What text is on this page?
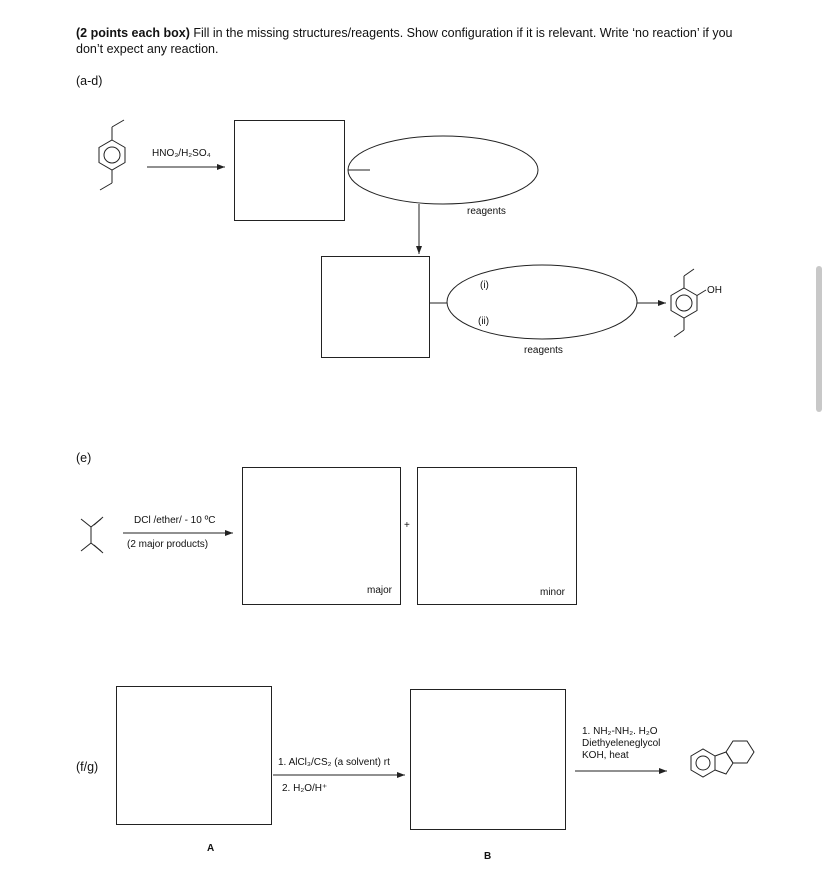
(2 points each box) Fill in the missing structures/reagents. Show configuration if it is relevant. Write ‘no reaction’ if you don’t expect any reaction.
(a-d)
(e)
(f/g)
HNO₃/H₂SO₄
reagents
(i)
(ii)
reagents
OH
DCl /ether/ - 10 ºC
(2 major products)
+
major	minor
1. AlCl₃/CS₂ (a solvent) rt
2. H₂O/H⁺
A
B
1. NH₂-NH₂. H₂O
Diethyeleneglycol
KOH, heat
